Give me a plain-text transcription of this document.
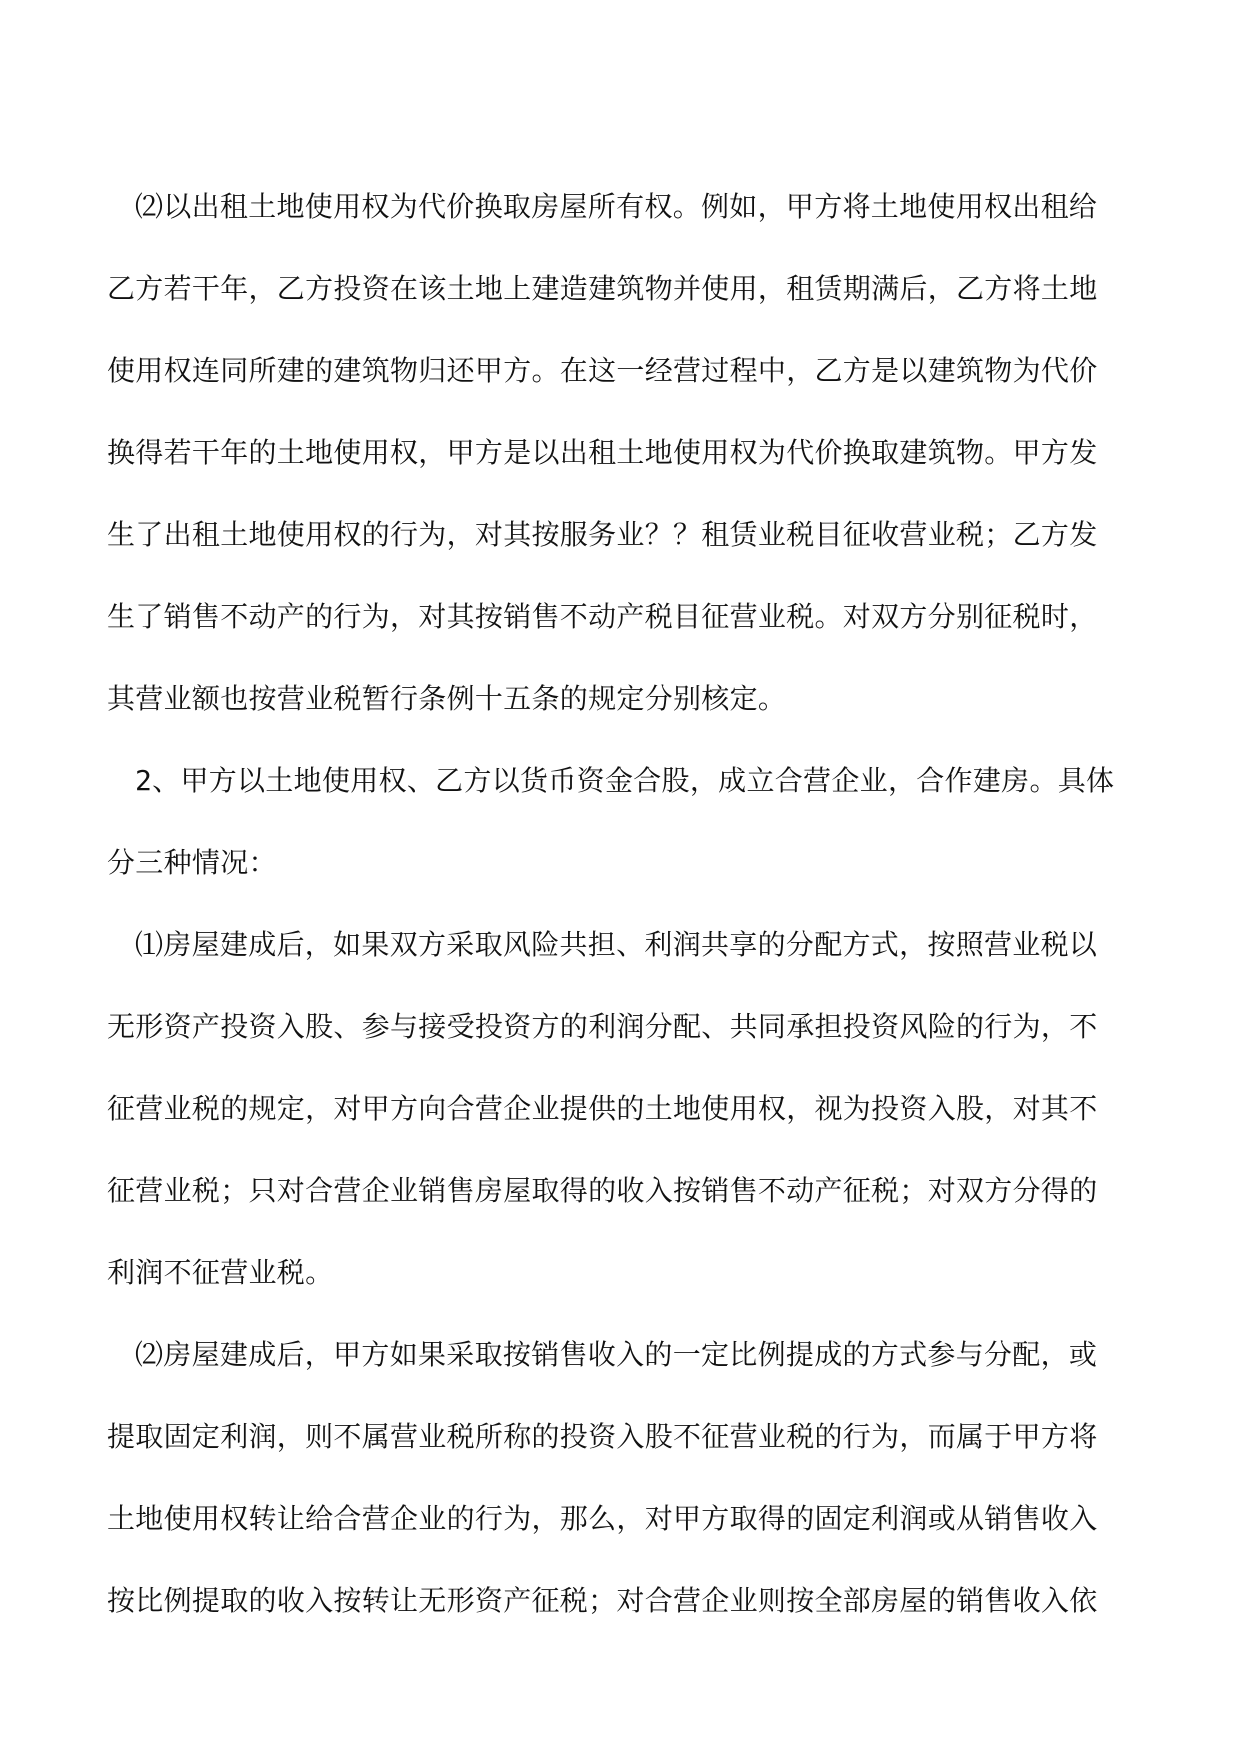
⑵以出租土地使用权为代价换取房屋所有权。例如，甲方将土地使用权出租给
乙方若干年，乙方投资在该土地上建造建筑物并使用，租赁期满后，乙方将土地
使用权连同所建的建筑物归还甲方。在这一经营过程中，乙方是以建筑物为代价
换得若干年的土地使用权，甲方是以出租土地使用权为代价换取建筑物。甲方发
生了出租土地使用权的行为，对其按服务业？？租赁业税目征收营业税；乙方发
生了销售不动产的行为，对其按销售不动产税目征营业税。对双方分别征税时，
其营业额也按营业税暂行条例十五条的规定分别核定。
2、甲方以土地使用权、乙方以货币资金合股，成立合营企业，合作建房。具体
分三种情况：
⑴房屋建成后，如果双方采取风险共担、利润共享的分配方式，按照营业税以
无形资产投资入股、参与接受投资方的利润分配、共同承担投资风险的行为，不
征营业税的规定，对甲方向合营企业提供的土地使用权，视为投资入股，对其不
征营业税；只对合营企业销售房屋取得的收入按销售不动产征税；对双方分得的
利润不征营业税。
⑵房屋建成后，甲方如果采取按销售收入的一定比例提成的方式参与分配，或
提取固定利润，则不属营业税所称的投资入股不征营业税的行为，而属于甲方将
土地使用权转让给合营企业的行为，那么，对甲方取得的固定利润或从销售收入
按比例提取的收入按转让无形资产征税；对合营企业则按全部房屋的销售收入依
